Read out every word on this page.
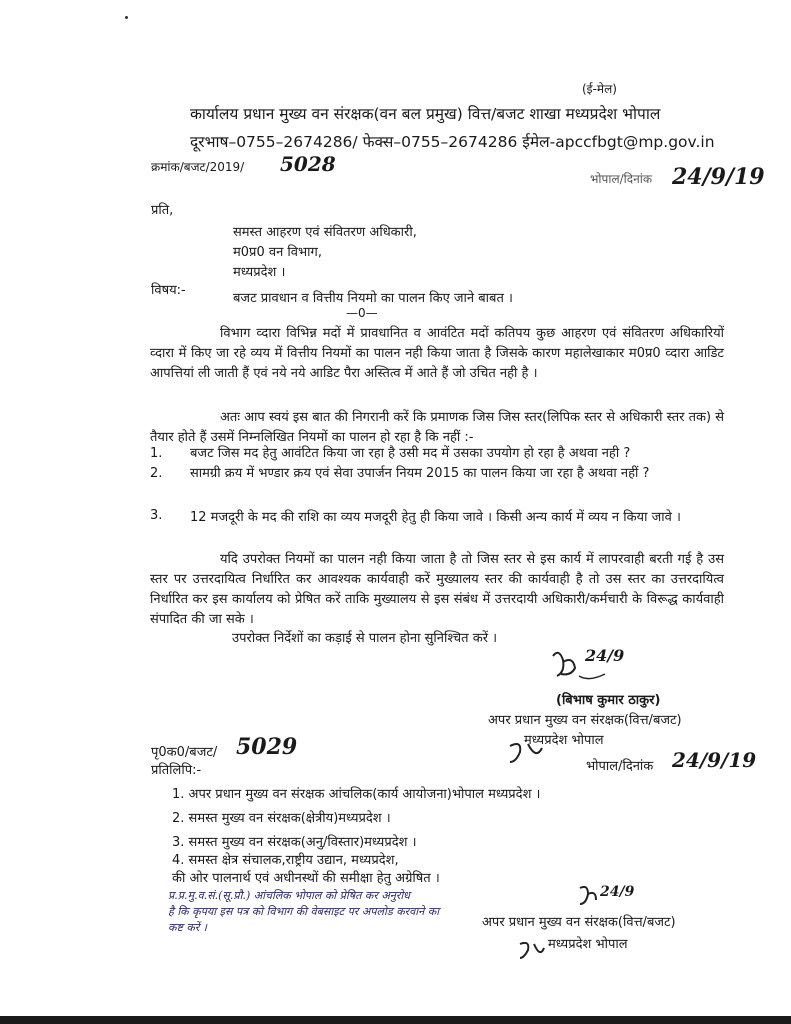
(ई-मेल)
कार्यालय प्रधान मुख्य वन संरक्षक(वन बल प्रमुख) वित्त/बजट शाखा मध्यप्रदेश भोपाल
दूरभाष–0755–2674286/ फेक्स–0755–2674286 ईमेल-apccfbgt@mp.gov.in
क्रमांक/बजट/2019/ 5028
भोपाल/दिनांक 24/9/19
प्रति,
समस्त आहरण एवं संवितरण अधिकारी,
म0प्र0 वन विभाग,
मध्यप्रदेश ।
विषय:-
बजट प्रावधान व वित्तीय नियमो का पालन किए जाने बाबत ।
—0—
विभाग व्दारा विभिन्न मदों में प्रावधानित व आवंटित मदों कतिपय कुछ आहरण एवं संवितरण अधिकारियों व्दारा में किए जा रहे व्यय में वित्तीय नियमों का पालन नही किया जाता है जिसके कारण महालेखाकार म0प्र0 व्दारा आडिट आपत्तियां ली जाती हैं एवं नये नये आडिट पैरा अस्तित्व में आते हैं जो उचित नही है ।
अतः आप स्वयं इस बात की निगरानी करें कि प्रमाणक जिस जिस स्तर(लिपिक स्तर से अधिकारी स्तर तक) से तैयार होते हैं उसमें निम्नलिखित नियमों का पालन हो रहा है कि नहीं :-
1. बजट जिस मद हेतु आवंटित किया जा रहा है उसी मद में उसका उपयोग हो रहा है अथवा नही ?
2. सामग्री क्रय में भण्डार क्रय एवं सेवा उपार्जन नियम 2015 का पालन किया जा रहा है अथवा नहीं ?
3. 12 मजदूरी के मद की राशि का व्यय मजदूरी हेतु ही किया जावे । किसी अन्य कार्य में व्यय न किया जावे ।
यदि उपरोक्त नियमों का पालन नही किया जाता है तो जिस स्तर से इस कार्य में लापरवाही बरती गई है उस स्तर पर उत्तरदायित्व निर्धारित कर आवश्यक कार्यवाही करें मुख्यालय स्तर की कार्यवाही है तो उस स्तर का उत्तरदायित्व निर्धारित कर इस कार्यालय को प्रेषित करें ताकि मुख्यालय से इस संबंध में उत्तरदायी अधिकारी/कर्मचारी के विरूद्ध कार्यवाही संपादित की जा सके ।
उपरोक्त निर्देशों का कड़ाई से पालन होना सुनिश्चित करें ।
24/9
(बिभाष कुमार ठाकुर)
अपर प्रधान मुख्य वन संरक्षक(वित्त/बजट)
मध्यप्रदेश भोपाल
पृ0क0/बजट/ 5029
भोपाल/दिनांक 24/9/19
प्रतिलिपि:-
1. अपर प्रधान मुख्य वन संरक्षक आंचलिक(कार्य आयोजना)भोपाल मध्यप्रदेश ।
2. समस्त मुख्य वन संरक्षक(क्षेत्रीय)मध्यप्रदेश ।
3. समस्त मुख्य वन संरक्षक(अनु/विस्तार)मध्यप्रदेश ।
4. समस्त क्षेत्र संचालक,राष्ट्रीय उद्यान, मध्यप्रदेश,
की ओर पालनार्थ एवं अधीनस्थों की समीक्षा हेतु अग्रेषित ।
प्र.प्र.मु.व.सं.(सू.प्रौ.) आंचलिक भोपाल को प्रेषित कर अनुरोध
है कि कृपया इस पत्र को विभाग की वेबसाइट पर अपलोड करवाने का
कष्ट करें ।
24/9
अपर प्रधान मुख्य वन संरक्षक(वित्त/बजट)
मध्यप्रदेश भोपाल
